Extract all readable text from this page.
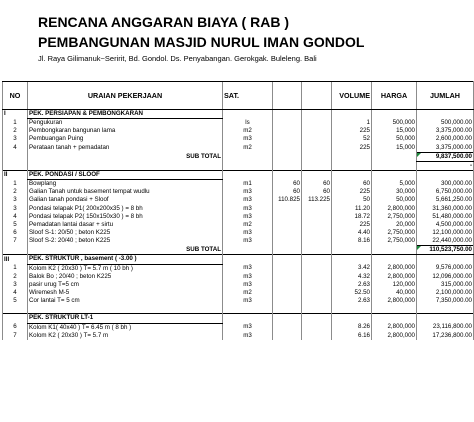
RENCANA ANGGARAN BIAYA ( RAB )
PEMBANGUNAN MASJID NURUL IMAN GONDOL
Jl. Raya Gilimanuk~Seririt, Bd. Gondol. Ds. Penyabangan. Gerokgak. Buleleng. Bali
NO	URAIAN PEKERJAAN	SAT.			VOLUME	HARGA	JUMLAH
I	PEK. PERSIAPAN & PEMBONGKARAN						
1	Pengukuran	ls			1	500,000	500,000.00
2	Pembongkaran bangunan lama	m2			225	15,000	3,375,000.00
3	Pembuangan Puing	m3			52	50,000	2,600,000.00
4	Perataan tanah + pemadatan	m2			225	15,000	3,375,000.00
	SUB TOTAL						9,837,500.00
							-
II	PEK. PONDASI / SLOOF						
1	Bowplang	m1	60	60	60	5,000	300,000.00
2	Galian Tanah untuk basement tempat wudlu	m3	60	60	225	30,000	6,750,000.00
3	Galian tanah pondasi + Sloof	m3	110.825	113.225	50	50,000	5,661,250.00
3	Pondasi telapak P1( 200x200x35 ) = 8 bh	m3			11.20	2,800,000	31,360,000.00
4	Pondasi telapak P2( 150x150x30 ) = 8 bh	m3			18.72	2,750,000	51,480,000.00
5	Pemadatan lantai dasar + sirtu	m2			225	20,000	4,500,000.00
6	Sloof S-1: 20/50 ; beton K225	m3			4.40	2,750,000	12,100,000.00
7	Sloof S-2: 20/40 ; beton K225	m3			8.16	2,750,000	22,440,000.00
	SUB TOTAL						110,523,750.00
III	PEK. STRUKTUR , basement ( -3.00 )						
1	Kolom K2 ( 20x30 ) T= 5.7 m ( 10 bh )	m3			3.42	2,800,000	9,576,000.00
2	Balok Bo ; 20/40 ; beton K225	m3			4.32	2,800,000	12,096,000.00
3	pasir urug T=5 cm	m3			2.63	120,000	315,000.00
4	Wiremesh M-5	m2			52.50	40,000	2,100,000.00
5	Cor lantai T= 5 cm	m3			2.63	2,800,000	7,350,000.00

	PEK. STRUKTUR LT-1						
6	Kolom K1( 40x40 ) T= 6.45 m ( 8 bh )	m3			8.26	2,800,000	23,116,800.00
7	Kolom K2 ( 20x30 ) T= 5.7 m	m3			6.16	2,800,000	17,236,800.00
